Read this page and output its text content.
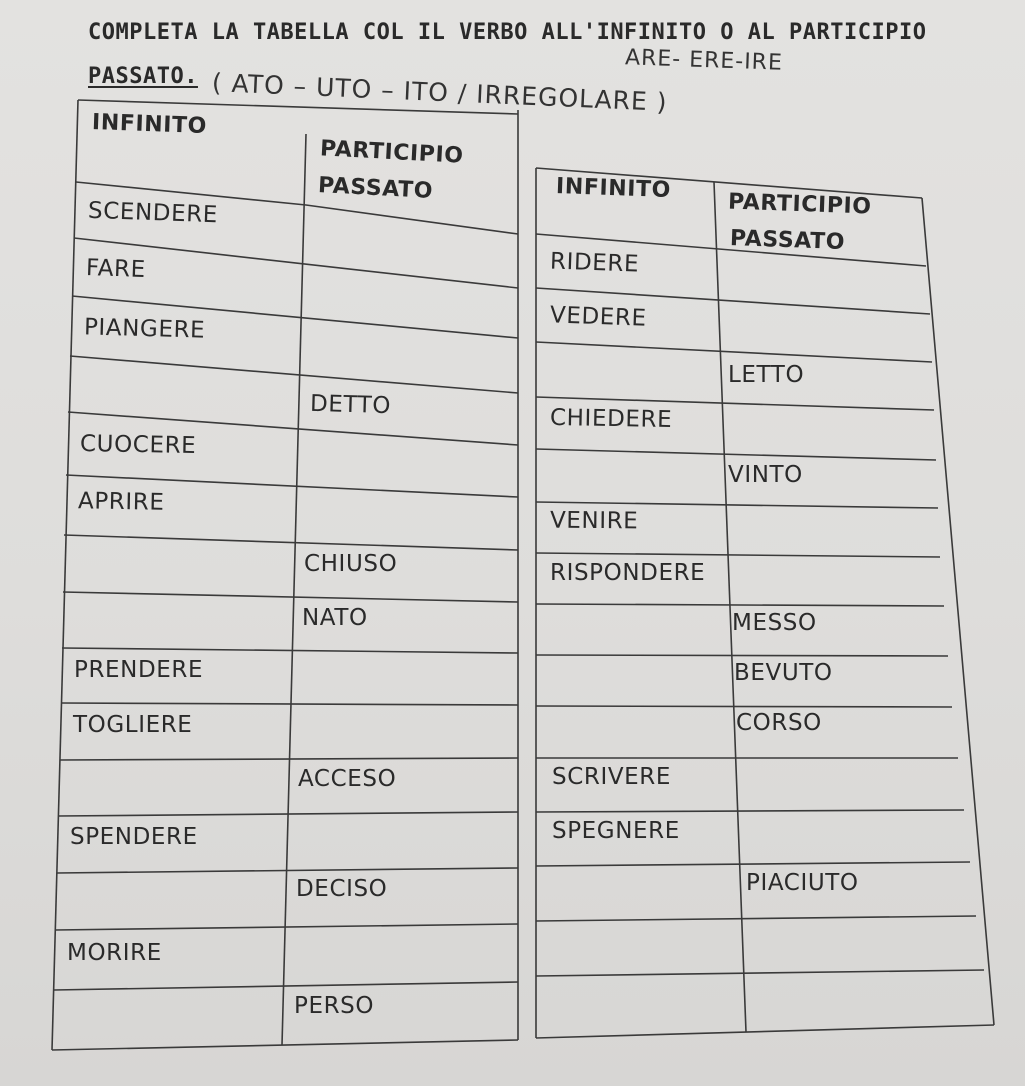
COMPLETA LA TABELLA COL IL VERBO ALL'INFINITO O AL PARTICIPIO
PASSATO. ( ATO – UTO – ITO / IRREGOLARE )
ARE- ERE-IRE
INFINITO
PARTICIPIO
PASSATO
SCENDERE
FARE
PIANGERE
CUOCERE
APRIRE
PRENDERE
TOGLIERE
SPENDERE
MORIRE
DETTO
CHIUSO
NATO
ACCESO
DECISO
PERSO
INFINITO
PARTICIPIO
PASSATO
RIDERE
VEDERE
CHIEDERE
VENIRE
RISPONDERE
SCRIVERE
SPEGNERE
LETTO
VINTO
MESSO
BEVUTO
CORSO
PIACIUTO
